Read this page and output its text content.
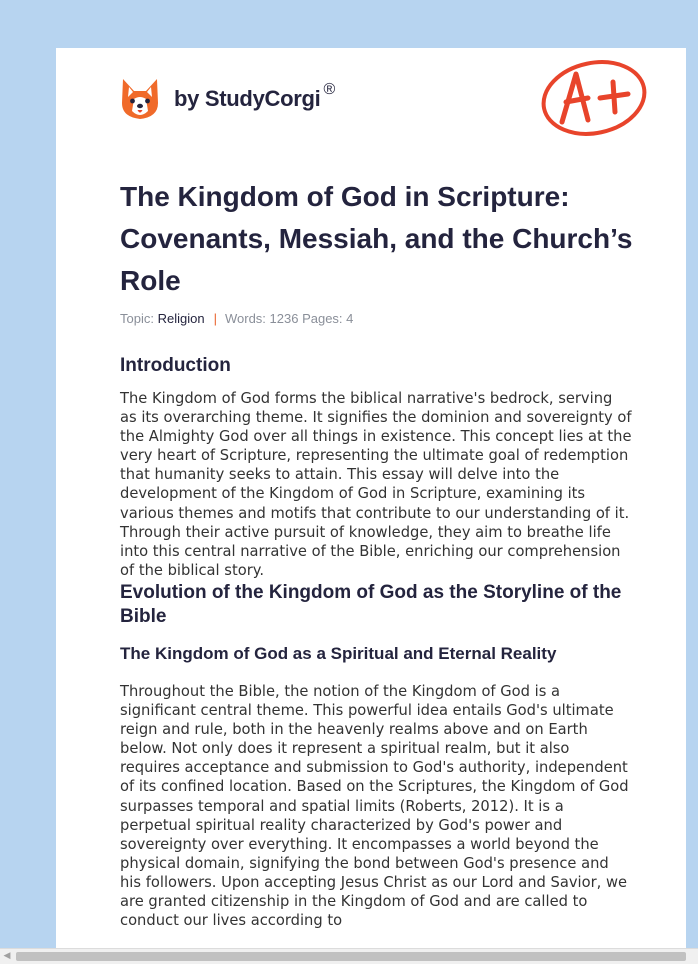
by StudyCorgi ®
The Kingdom of God in Scripture: Covenants, Messiah, and the Church’s Role

Topic: Religion | Words: 1236 Pages: 4

Introduction

The Kingdom of God forms the biblical narrative's bedrock, serving as its overarching theme. It signifies the dominion and sovereignty of the Almighty God over all things in existence. This concept lies at the very heart of Scripture, representing the ultimate goal of redemption that humanity seeks to attain. This essay will delve into the development of the Kingdom of God in Scripture, examining its various themes and motifs that contribute to our understanding of it. Through their active pursuit of knowledge, they aim to breathe life into this central narrative of the Bible, enriching our comprehension of the biblical story.

Evolution of the Kingdom of God as the Storyline of the Bible
The Kingdom of God as a Spiritual and Eternal Reality

Throughout the Bible, the notion of the Kingdom of God is a significant central theme. This powerful idea entails God's ultimate reign and rule, both in the heavenly realms above and on Earth below. Not only does it represent a spiritual realm, but it also requires acceptance and submission to God's authority, independent of its confined location. Based on the Scriptures, the Kingdom of God surpasses temporal and spatial limits (Roberts, 2012). It is a perpetual spiritual reality characterized by God's power and sovereignty over everything. It encompasses a world beyond the physical domain, signifying the bond between God's presence and his followers. Upon accepting Jesus Christ as our Lord and Savior, we are granted citizenship in the Kingdom of God and are called to conduct our lives according to

◀
